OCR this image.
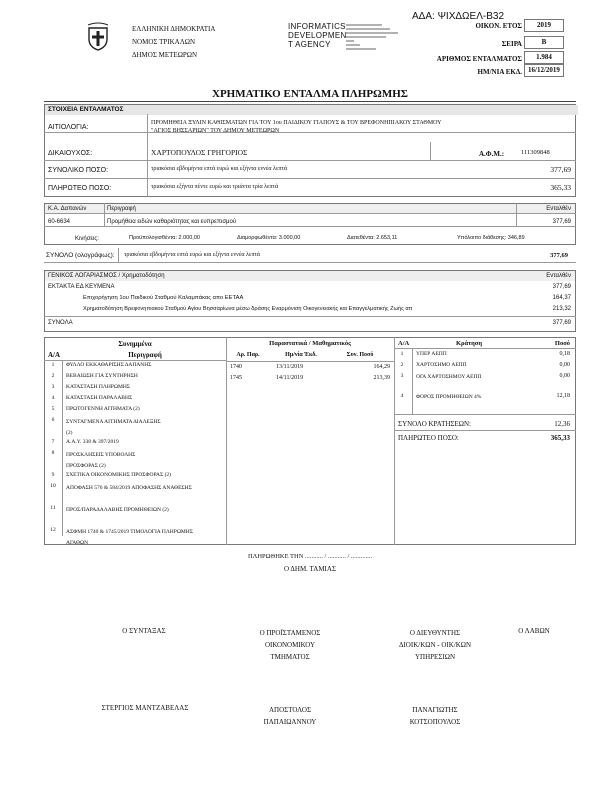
ΕΛΛΗΝΙΚΗ ΔΗΜΟΚΡΑΤΙΑ
ΝΟΜΟΣ ΤΡΙΚΑΛΩΝ
ΔΗΜΟΣ ΜΕΤΕΩΡΩΝ
INFORMATICS
DEVELOPMEN
T AGENCY
ΑΔΑ: ΨΙΧΔΩΕΛ-Β32
ΟΙΚΟΝ. ΕΤΟΣ	2019
ΣΕΙΡΑ	Β
ΑΡΙΘΜΟΣ ΕΝΤΑΛΜΑΤΟΣ	1.984
ΗΜ/ΝΙΑ ΕΚΔ. 16/12/2019
ΧΡΗΜΑΤΙΚΟ ΕΝΤΑΛΜΑ ΠΛΗΡΩΜΗΣ
ΣΤΟΙΧΕΙΑ ΕΝΤΑΛΜΑΤΟΣ
ΑΙΤΙΟΛΟΓΙΑ:
ΠΡΟΜΗΘΕΙΑ ΞΥΛΙΝ ΚΑΘΙΣΜΑΤΩΝ ΓΙΑ ΤΟΥ 1ου ΠΑΙΔΙΚΟΥ ΓΙΑΠΟΥΣ & ΤΟΥ ΒΡΕΦΟΝΗΠΙΑΚΟΥ ΣΤΑΘΜΟΥ
"ΑΓΙΟΣ ΒΗΣΣΑΡΙΩΝ" ΤΟΥ ΔΗΜΟΥ ΜΕΤΕΩΡΩΝ
ΔΙΚΑΙΟΥΧΟΣ:	ΧΑΡΤΟΠΟΥΛΟΣ ΓΡΗΓΟΡΙΟΣ	Α.Φ.Μ.:	111309848
ΣΥΝΟΛΙΚΟ ΠΟΣΟ:	τριακόσια εβδομήντα επτά ευρώ και εξήντα εννέα λεπτά	377,69
ΠΛΗΡΩΤΕΟ ΠΟΣΟ:	τριακόσια εξήντα πέντε ευρώ και τριάντα τρία λεπτά	365,33
Κ.Α. Δαπανών	Περιγραφή	Ενταλθέν
60-6634	Προμήθεια ειδών καθαριότητας και ευπρεπισμού	377,69
Κινήσεις:	Προϋπολογισθέντα: 2.000,00	Διαμορφωθέντα: 3.000,00	Διατεθέντα: 2.653,11	Υπόλοιπο διάθεσης: 346,89
ΣΥΝΟΛΟ (ολογράφως): τριακόσια εβδομήντα επτά ευρώ και εξήντα εννέα λεπτά	377,69
ΓΕΝΙΚΟΣ ΛΟΓΑΡΙΑΣΜΟΣ / Χρηματοδότηση	Ενταλθέν
ΕΚΤΑΚΤΑ ΕΔ ΚΕΥΜΕΝΑ	377,69
Επιχορήγηση 1ου Παιδικού Σταθμού Καλαμπάκας απο ΕΕΤΑΑ	164,37
Χρηματοδότηση Βρεφονηπιακού Σταθμού Αγίου Βησσαρίωνα μέσω δράσης Εναρμόνιση Οικογενειακής και Επαγγελματικής Ζωής απ	213,32
ΣΥΝΟΛΑ	377,69
Συνημμένα
Α/Α	Περιγραφή
1	ΦΥΛΛΟ ΕΚΚΑΘΑΡΙΣΗΣ ΔΑΠΑΝΗΣ
2	ΒΕΒΑΙΩΣΗ ΓΙΑ ΣΥΝΤΗΡΗΣΗ
3	ΚΑΤΑΣΤΑΣΗ ΠΛΗΡΩΜΗΣ
4	ΚΑΤΑΣΤΑΣΗ ΠΑΡΑΛΑΒΗΣ
5	ΠΡΩΤΟΓΕΝΝΗ ΑΙΤΗΜΑΤΑ (2)
6	ΣΥΝΤΑΓΜΕΝΑ ΑΙΤΗΜΑΤΑ ΔΙΑΛΕΞΗΣ (2)
7	Α.Α.Υ. 338 & 397/2019
8	ΠΡΟΣΚΛΗΣΕΙΣ ΥΠΟΒΟΛΗΣ ΠΡΟΣΦΟΡΑΣ (2)
9	ΣΧΕΤΙΚΑ ΟΙΚΟΝΟΜΙΚΗΣ ΠΡΟΣΦΟΡΑΣ (2)
10	ΑΠΟΦΑΣΗ 576 & 584/2019 ΑΠΟΦΑΣΗΣ ΑΝΑΘΕΣΗΣ
11	ΠΡΟΣ/ΠΑΡΑΔΑΛΑΒΗΣ ΠΡΟΜΗΘΕΙΩΝ (2)
12	ΑΣΦΜΗ 1740 & 1745/2019 ΤΙΜΟΛΟΓΙΑ ΠΛΗΡΩΜΗΣ ΑΓΑΘΩΝ
Παραστατικά / Μαθηματικός
Αρ. Παρ.	Ημ/νία Έκδ.	Συν. Ποσό
1740	13/11/2019	164,29
1745	14/11/2019	213,39
Α/Α	Κράτηση	Ποσό
1	ΥΠΕΡ ΑΕΠΠ	0,18
2	ΧΑΡΤΟΣΗΜΟ ΑΕΠΠ	0,00
3	ΟΓΑ ΧΑΡΤΟΣΗΜΟΥ ΑΕΠΠ	0,00
4	ΦΟΡΟΣ ΠΡΟΜΗΘΕΙΩΝ 4%	12,18
ΣΥΝΟΛΟ ΚΡΑΤΗΣΕΩΝ:	12,36
ΠΛΗΡΩΤΕΟ ΠΟΣΟ:	365,33
ΠΛΗΡΩΘΗΚΕ ΤΗΝ ........... / ........... / .............
Ο ΔΗΜ. ΤΑΜΙΑΣ
Ο ΣΥΝΤΑΞΑΣ	Ο ΠΡΟΪΣΤΑΜΕΝΟΣ
ΟΙΚΟΝΟΜΙΚΟΥ
ΤΜΗΜΑΤΟΣ
Ο ΔΙΕΥΘΥΝΤΗΣ
ΔΙΟΙΚ/ΚΩΝ - ΟΙΚ/ΚΩΝ
ΥΠΗΡΕΣΙΩΝ
Ο ΛΑΒΩΝ
ΣΤΕΡΓΙΟΣ ΜΑΝΤΖΑΒΕΛΑΣ	ΑΠΟΣΤΟΛΟΣ
ΠΑΠΑΙΩΑΝΝΟΥ
ΠΑΝΑΓΙΩΤΗΣ
ΚΟΤΣΟΠΟΥΛΟΣ
